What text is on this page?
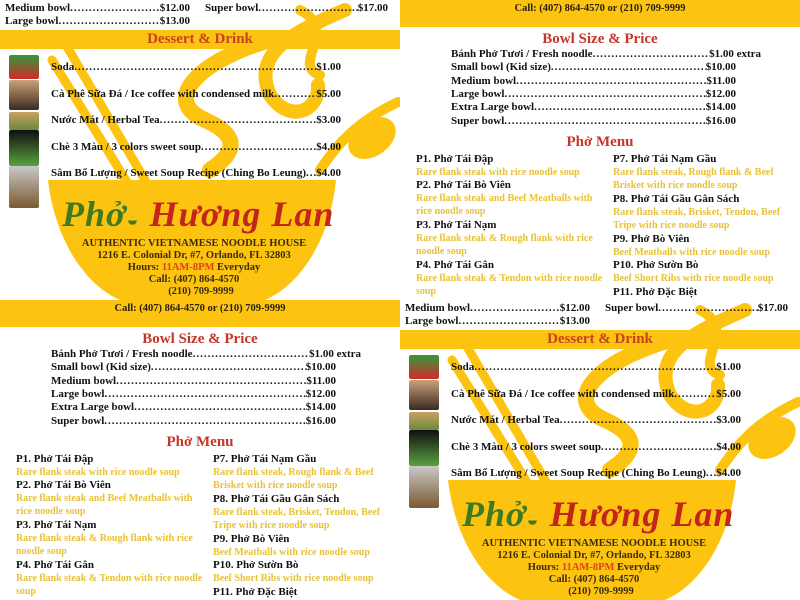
Medium bowl .....	$12.00
Large bowl .....	$13.00
Super bowl .....	$17.00
Dessert & Drink
Soda .....	$1.00
Cà Phê Sữa Đá / Ice coffee with condensed milk .....	$5.00
Nước Mát / Herbal Tea .....	$3.00
Chè 3 Màu / 3 colors sweet soup .....	$4.00
Sâm Bổ Lượng / Sweet Soup Recipe (Ching Bo Leung) ..... $4.00
Phở◒ Hương Lan
AUTHENTIC VIETNAMESE NOODLE HOUSE
1216 E. Colonial Dr, #7, Orlando, FL 32803
Hours: 11AM-8PM Everyday
Call: (407) 864-4570
(210) 709-9999
Call: (407) 864-4570 or (210) 709-9999
Bowl Size & Price
Bánh Phở Tươi / Fresh noodle .....	$1.00 extra
Small bowl (Kid size) .....	$10.00
Medium bowl .....	$11.00
Large bowl .....	$12.00
Extra Large bowl .....	$14.00
Super bowl .....	$16.00
Phở Menu
P1. Phở Tái Đập
Rare flank steak with rice noodle soup
P2. Phở Tái Bò Viên
Rare flank steak and Beef Meatballs with rice noodle soup
P3. Phở Tái Nạm
Rare flank steak & Rough flank with rice noodle soup
P4. Phở Tái Gân
Rare flank steak & Tendon with rice noodle soup
P7. Phở Tái Nạm Gầu
Rare flank steak, Rough flank & Beef Brisket with rice noodle soup
P8. Phở Tái Gầu Gân Sách
Rare flank steak, Brisket, Tendon, Beef Tripe with rice noodle soup
P9. Phở Bò Viên
Beef Meatballs with rice noodle soup
P10. Phở Sườn Bò
Beef Short Ribs with rice noodle soup
P11. Phở Đặc Biệt
Call: (407) 864-4570 or (210) 709-9999
Bowl Size & Price
Bánh Phở Tươi / Fresh noodle .....	$1.00 extra
Small bowl (Kid size) .....	$10.00
Medium bowl .....	$11.00
Large bowl .....	$12.00
Extra Large bowl .....	$14.00
Super bowl .....	$16.00
Phở Menu
P1. Phở Tái Đập
Rare flank steak with rice noodle soup
P2. Phở Tái Bò Viên
Rare flank steak and Beef Meatballs with rice noodle soup
P3. Phở Tái Nạm
Rare flank steak & Rough flank with rice noodle soup
P4. Phở Tái Gân
Rare flank steak & Tendon with rice noodle soup
P7. Phở Tái Nạm Gầu
Rare flank steak, Rough flank & Beef Brisket with rice noodle soup
P8. Phở Tái Gầu Gân Sách
Rare flank steak, Brisket, Tendon, Beef Tripe with rice noodle soup
P9. Phở Bò Viên
Beef Meatballs with rice noodle soup
P10. Phở Sườn Bò
Beef Short Ribs with rice noodle soup
P11. Phở Đặc Biệt
Medium bowl .....	$12.00
Large bowl .....	$13.00
Super bowl .....	$17.00
Dessert & Drink
Soda .....	$1.00
Cà Phê Sữa Đá / Ice coffee with condensed milk .....	$5.00
Nước Mát / Herbal Tea .....	$3.00
Chè 3 Màu / 3 colors sweet soup .....	$4.00
Sâm Bổ Lượng / Sweet Soup Recipe (Ching Bo Leung) ..... $4.00
Phở◒ Hương Lan
AUTHENTIC VIETNAMESE NOODLE HOUSE
1216 E. Colonial Dr, #7, Orlando, FL 32803
Hours: 11AM-8PM Everyday
Call: (407) 864-4570
(210) 709-9999
